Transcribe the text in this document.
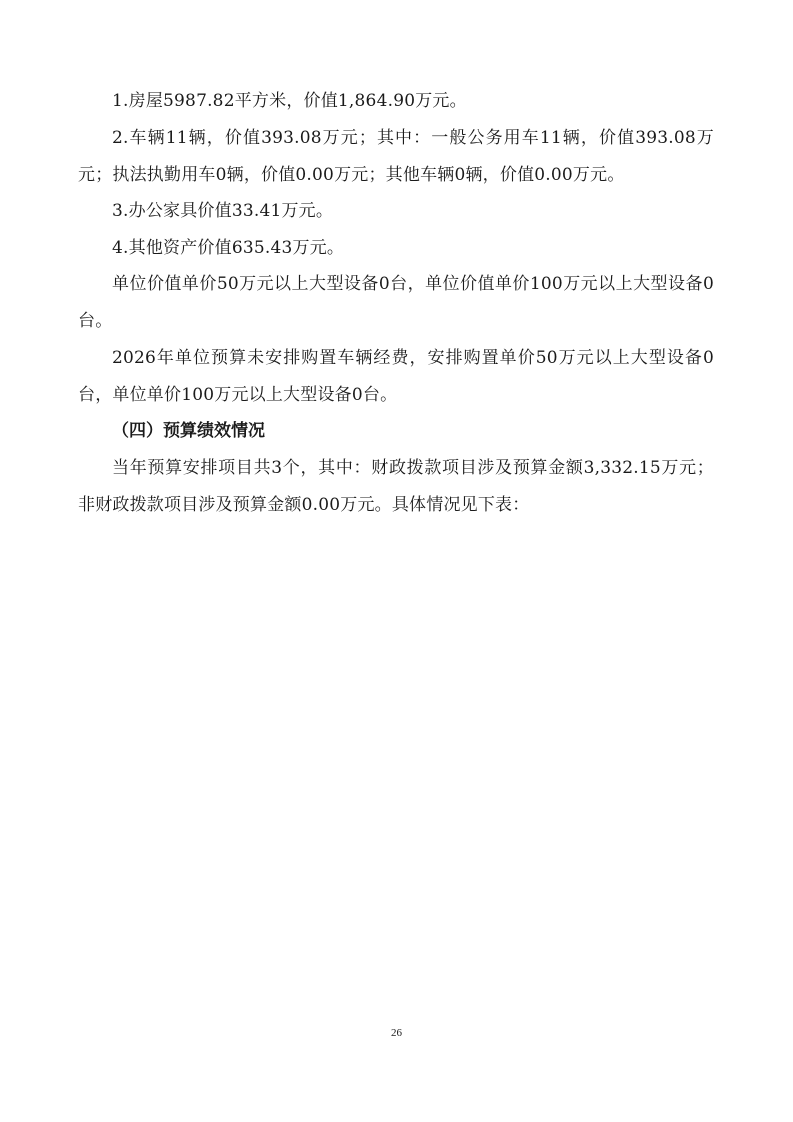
1.房屋5987.82平方米，价值1,864.90万元。

2.车辆11辆，价值393.08万元；其中：一般公务用车11辆，价值393.08万元；执法执勤用车0辆，价值0.00万元；其他车辆0辆，价值0.00万元。

3.办公家具价值33.41万元。

4.其他资产价值635.43万元。

单位价值单价50万元以上大型设备0台，单位价值单价100万元以上大型设备0台。

2026年单位预算未安排购置车辆经费，安排购置单价50万元以上大型设备0台，单位单价100万元以上大型设备0台。

（四）预算绩效情况

当年预算安排项目共3个，其中：财政拨款项目涉及预算金额3,332.15万元；非财政拨款项目涉及预算金额0.00万元。具体情况见下表：

26
